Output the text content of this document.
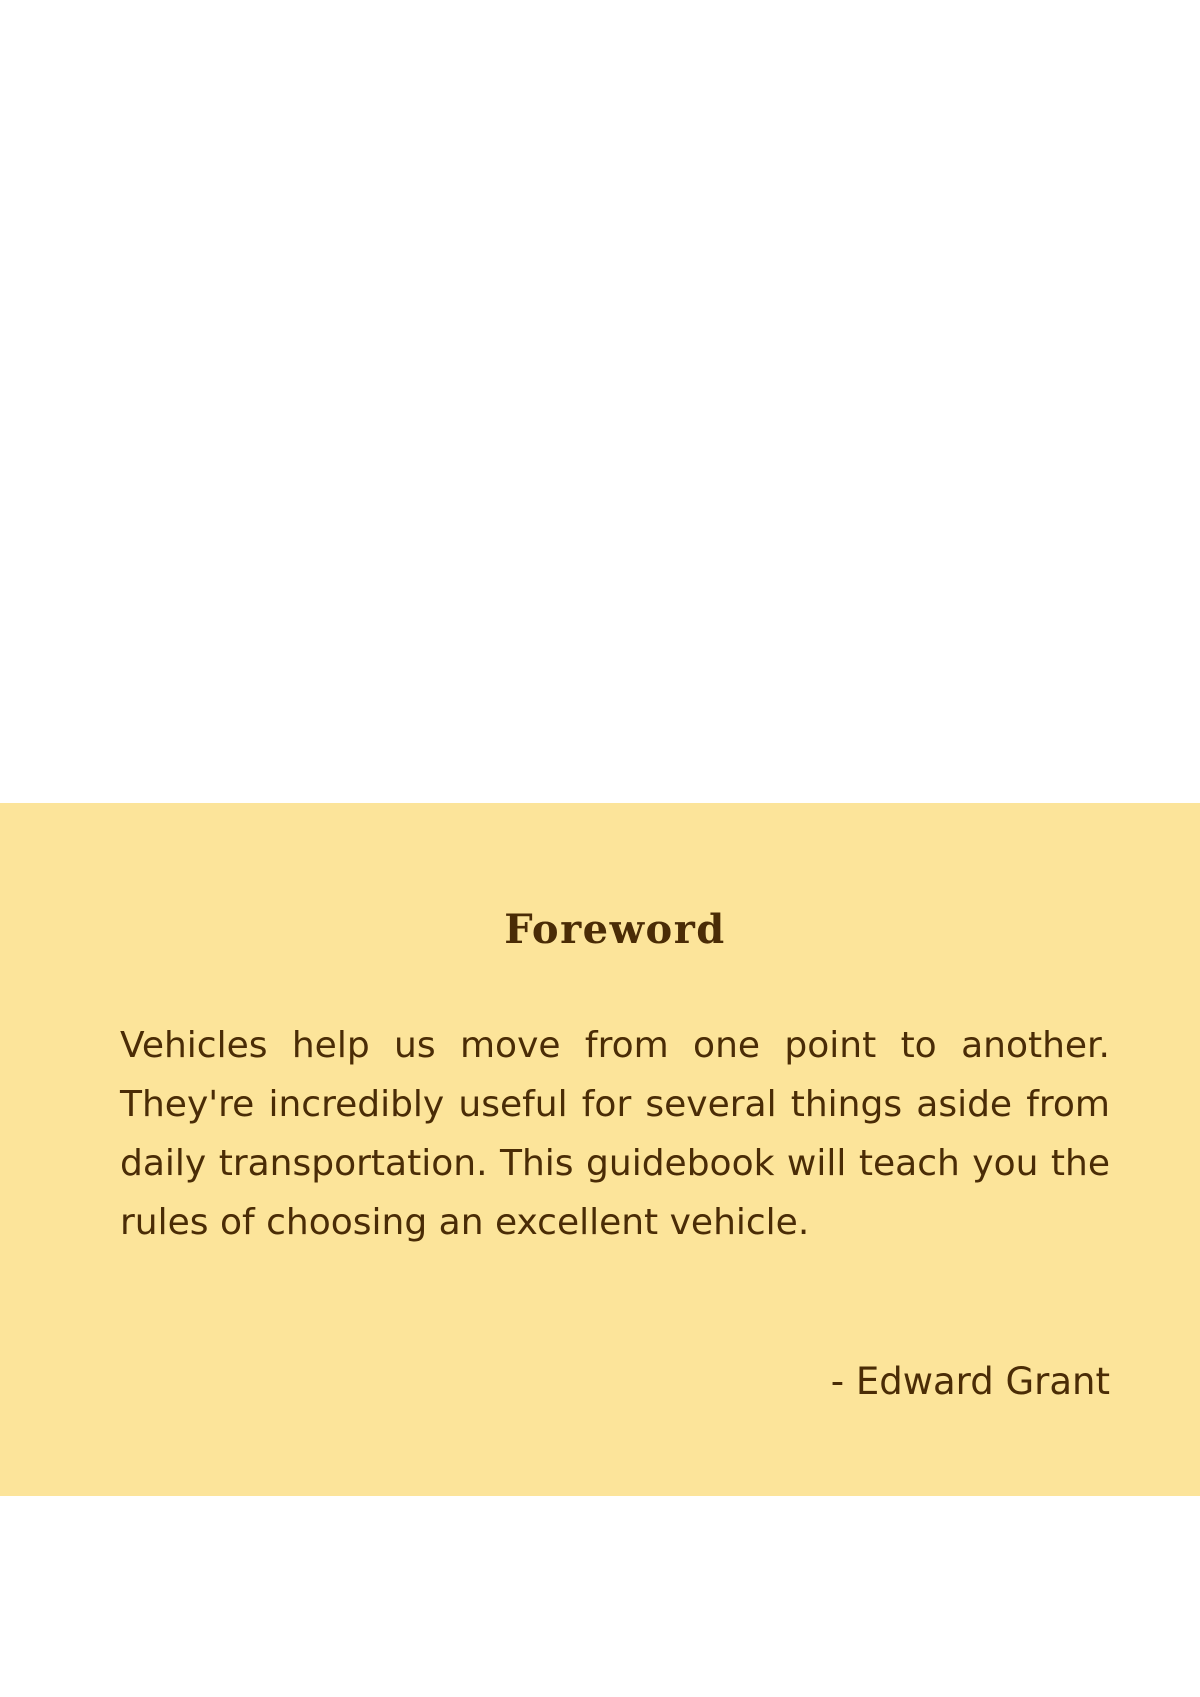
Foreword

Vehicles help us move from one point to another. They're incredibly useful for several things aside from daily transportation. This guidebook will teach you the rules of choosing an excellent vehicle.

- Edward Grant
